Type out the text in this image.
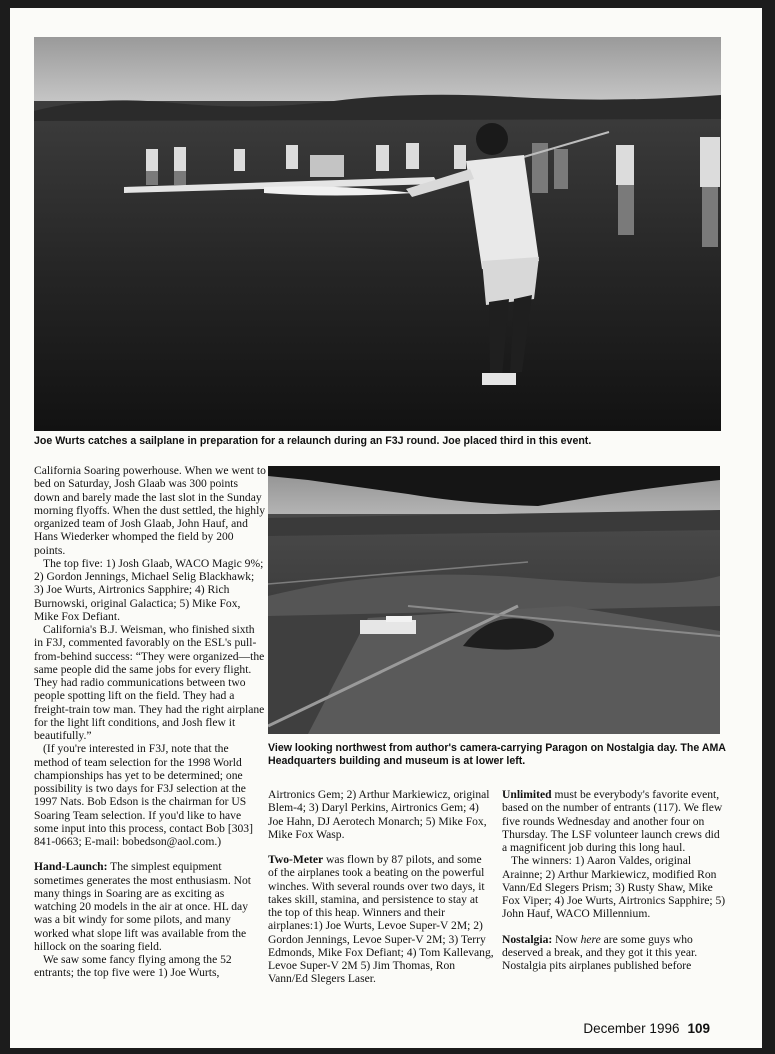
Joe Wurts catches a sailplane in preparation for a relaunch during an F3J round. Joe placed third in this event.

California Soaring powerhouse. When we went to bed on Saturday, Josh Glaab was 300 points down and barely made the last slot in the Sunday morning flyoffs. When the dust settled, the highly organized team of Josh Glaab, John Hauf, and Hans Wiederker whomped the field by 200 points.

The top five: 1) Josh Glaab, WACO Magic 9%; 2) Gordon Jennings, Michael Selig Blackhawk; 3) Joe Wurts, Airtronics Sapphire; 4) Rich Burnowski, original Galactica; 5) Mike Fox, Mike Fox Defiant.

California's B.J. Weisman, who finished sixth in F3J, commented favorably on the ESL's pull-from-behind success: “They were organized—the same people did the same jobs for every flight. They had radio communications between two people spotting lift on the field. They had a freight-train tow man. They had the right airplane for the light lift conditions, and Josh flew it beautifully.”

(If you're interested in F3J, note that the method of team selection for the 1998 World championships has yet to be determined; one possibility is two days for F3J selection at the 1997 Nats. Bob Edson is the chairman for US Soaring Team selection. If you'd like to have some input into this process, contact Bob [303] 841-0663; E-mail: bobedson@aol.com.)

Hand-Launch: The simplest equipment sometimes generates the most enthusiasm. Not many things in Soaring are as exciting as watching 20 models in the air at once. HL day was a bit windy for some pilots, and many worked what slope lift was available from the hillock on the soaring field.

We saw some fancy flying among the 52 entrants; the top five were 1) Joe Wurts,

View looking northwest from author's camera-carrying Paragon on Nostalgia day. The AMA Headquarters building and museum is at lower left.

Airtronics Gem; 2) Arthur Markiewicz, original Blem-4; 3) Daryl Perkins, Airtronics Gem; 4) Joe Hahn, DJ Aerotech Monarch; 5) Mike Fox, Mike Fox Wasp.

Two-Meter was flown by 87 pilots, and some of the airplanes took a beating on the powerful winches. With several rounds over two days, it takes skill, stamina, and persistence to stay at the top of this heap. Winners and their airplanes:1) Joe Wurts, Levoe Super-V 2M; 2) Gordon Jennings, Levoe Super-V 2M; 3) Terry Edmonds, Mike Fox Defiant; 4) Tom Kallevang, Levoe Super-V 2M 5) Jim Thomas, Ron Vann/Ed Slegers Laser.

Unlimited must be everybody's favorite event, based on the number of entrants (117). We flew five rounds Wednesday and another four on Thursday. The LSF volunteer launch crews did a magnificent job during this long haul.

The winners: 1) Aaron Valdes, original Arainne; 2) Arthur Markiewicz, modified Ron Vann/Ed Slegers Prism; 3) Rusty Shaw, Mike Fox Viper; 4) Joe Wurts, Airtronics Sapphire; 5) John Hauf, WACO Millennium.

Nostalgia: Now here are some guys who deserved a break, and they got it this year. Nostalgia pits airplanes published before

December 1996 109
